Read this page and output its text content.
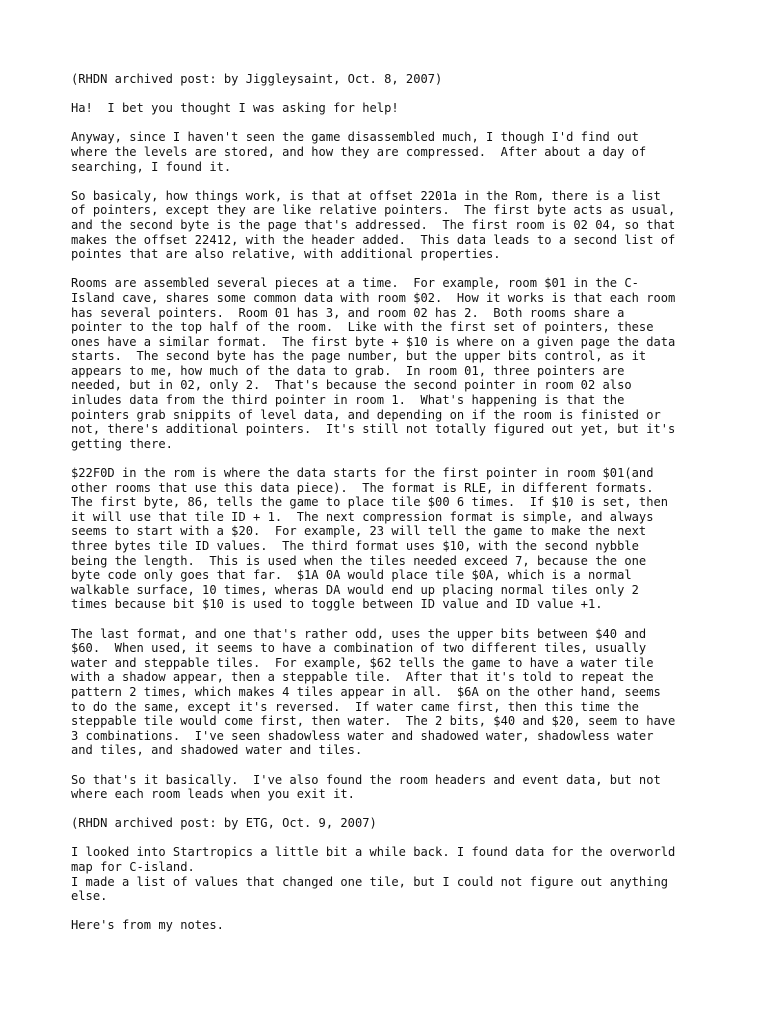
(RHDN archived post: by Jiggleysaint, Oct. 8, 2007)

Ha!  I bet you thought I was asking for help!

Anyway, since I haven't seen the game disassembled much, I though I'd find out
where the levels are stored, and how they are compressed.  After about a day of
searching, I found it.

So basicaly, how things work, is that at offset 2201a in the Rom, there is a list
of pointers, except they are like relative pointers.  The first byte acts as usual,
and the second byte is the page that's addressed.  The first room is 02 04, so that
makes the offset 22412, with the header added.  This data leads to a second list of
pointes that are also relative, with additional properties.

Rooms are assembled several pieces at a time.  For example, room $01 in the C-
Island cave, shares some common data with room $02.  How it works is that each room
has several pointers.  Room 01 has 3, and room 02 has 2.  Both rooms share a
pointer to the top half of the room.  Like with the first set of pointers, these
ones have a similar format.  The first byte + $10 is where on a given page the data
starts.  The second byte has the page number, but the upper bits control, as it
appears to me, how much of the data to grab.  In room 01, three pointers are
needed, but in 02, only 2.  That's because the second pointer in room 02 also
inludes data from the third pointer in room 1.  What's happening is that the
pointers grab snippits of level data, and depending on if the room is finisted or
not, there's additional pointers.  It's still not totally figured out yet, but it's
getting there.

$22F0D in the rom is where the data starts for the first pointer in room $01(and
other rooms that use this data piece).  The format is RLE, in different formats.
The first byte, 86, tells the game to place tile $00 6 times.  If $10 is set, then
it will use that tile ID + 1.  The next compression format is simple, and always
seems to start with a $20.  For example, 23 will tell the game to make the next
three bytes tile ID values.  The third format uses $10, with the second nybble
being the length.  This is used when the tiles needed exceed 7, because the one
byte code only goes that far.  $1A 0A would place tile $0A, which is a normal
walkable surface, 10 times, wheras DA would end up placing normal tiles only 2
times because bit $10 is used to toggle between ID value and ID value +1.

The last format, and one that's rather odd, uses the upper bits between $40 and
$60.  When used, it seems to have a combination of two different tiles, usually
water and steppable tiles.  For example, $62 tells the game to have a water tile
with a shadow appear, then a steppable tile.  After that it's told to repeat the
pattern 2 times, which makes 4 tiles appear in all.  $6A on the other hand, seems
to do the same, except it's reversed.  If water came first, then this time the
steppable tile would come first, then water.  The 2 bits, $40 and $20, seem to have
3 combinations.  I've seen shadowless water and shadowed water, shadowless water
and tiles, and shadowed water and tiles.

So that's it basically.  I've also found the room headers and event data, but not
where each room leads when you exit it.

(RHDN archived post: by ETG, Oct. 9, 2007)

I looked into Startropics a little bit a while back. I found data for the overworld
map for C-island.
I made a list of values that changed one tile, but I could not figure out anything
else.

Here's from my notes.
